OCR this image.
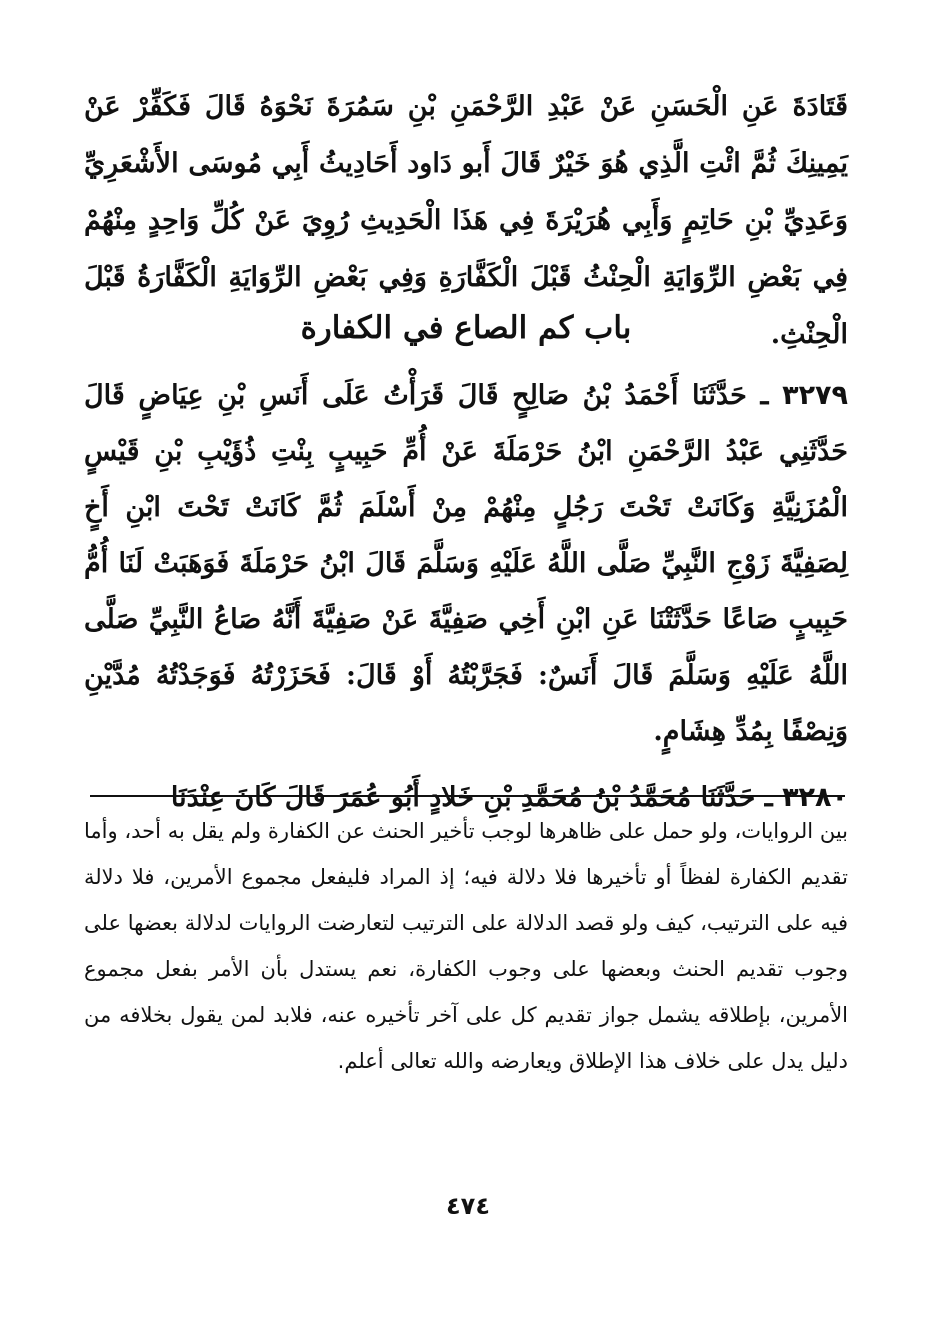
قَتَادَةَ عَنِ الْحَسَنِ عَنْ عَبْدِ الرَّحْمَنِ بْنِ سَمُرَةَ نَحْوَهُ قَالَ فَكَفِّرْ عَنْ يَمِينِكَ ثُمَّ ائْتِ الَّذِي هُوَ خَيْرٌ قَالَ أَبو دَاود أَحَادِيثُ أَبِي مُوسَى الأَشْعَرِيِّ وَعَدِيِّ بْنِ حَاتِمٍ وَأَبِي هُرَيْرَةَ فِي هَذَا الْحَدِيثِ رُوِيَ عَنْ كُلِّ وَاحِدٍ مِنْهُمْ فِي بَعْضِ الرِّوَايَةِ الْحِنْثُ قَبْلَ الْكَفَّارَةِ وَفِي بَعْضِ الرِّوَايَةِ الْكَفَّارَةُ قَبْلَ الْحِنْثِ.
باب كم الصاع في الكفارة

٣٢٧٩ ـ حَدَّثَنَا أَحْمَدُ بْنُ صَالِحٍ قَالَ قَرَأْتُ عَلَى أَنَسِ بْنِ عِيَاضٍ قَالَ حَدَّثَنِي عَبْدُ الرَّحْمَنِ ابْنُ حَرْمَلَةَ عَنْ أُمِّ حَبِيبٍ بِنْتِ ذُؤَيْبِ بْنِ قَيْسٍ الْمُزَنِيَّةِ وَكَانَتْ تَحْتَ رَجُلٍ مِنْهُمْ مِنْ أَسْلَمَ ثُمَّ كَانَتْ تَحْتَ ابْنِ أَخٍ لِصَفِيَّةَ زَوْجِ النَّبِيِّ صَلَّى اللَّهُ عَلَيْهِ وَسَلَّمَ قَالَ ابْنُ حَرْمَلَةَ فَوَهَبَتْ لَنَا أُمُّ حَبِيبٍ صَاعًا حَدَّثَتْنَا عَنِ ابْنِ أَخِي صَفِيَّةَ عَنْ صَفِيَّةَ أَنَّهُ صَاعُ النَّبِيِّ صَلَّى اللَّهُ عَلَيْهِ وَسَلَّمَ قَالَ أَنَسٌ: فَجَرَّبْتُهُ أَوْ قَالَ: فَحَزَرْتُهُ فَوَجَدْتُهُ مُدَّيْنِ وَنِصْفًا بِمُدِّ هِشَامٍ.

٣٢٨٠ ـ حَدَّثَنَا مُحَمَّدُ بْنُ مُحَمَّدِ بْنِ خَلادٍ أَبُو عُمَرَ قَالَ كَانَ عِنْدَنَا

بين الروايات، ولو حمل على ظاهرها لوجب تأخير الحنث عن الكفارة ولم يقل به أحد، وأما تقديم الكفارة لفظاً أو تأخيرها فلا دلالة فيه؛ إذ المراد فليفعل مجموع الأمرين، فلا دلالة فيه على الترتيب، كيف ولو قصد الدلالة على الترتيب لتعارضت الروايات لدلالة بعضها على وجوب تقديم الحنث وبعضها على وجوب الكفارة، نعم يستدل بأن الأمر بفعل مجموع الأمرين، بإطلاقه يشمل جواز تقديم كل على آخر تأخيره عنه، فلابد لمن يقول بخلافه من دليل يدل على خلاف هذا الإطلاق ويعارضه والله تعالى أعلم.

٤٧٤
